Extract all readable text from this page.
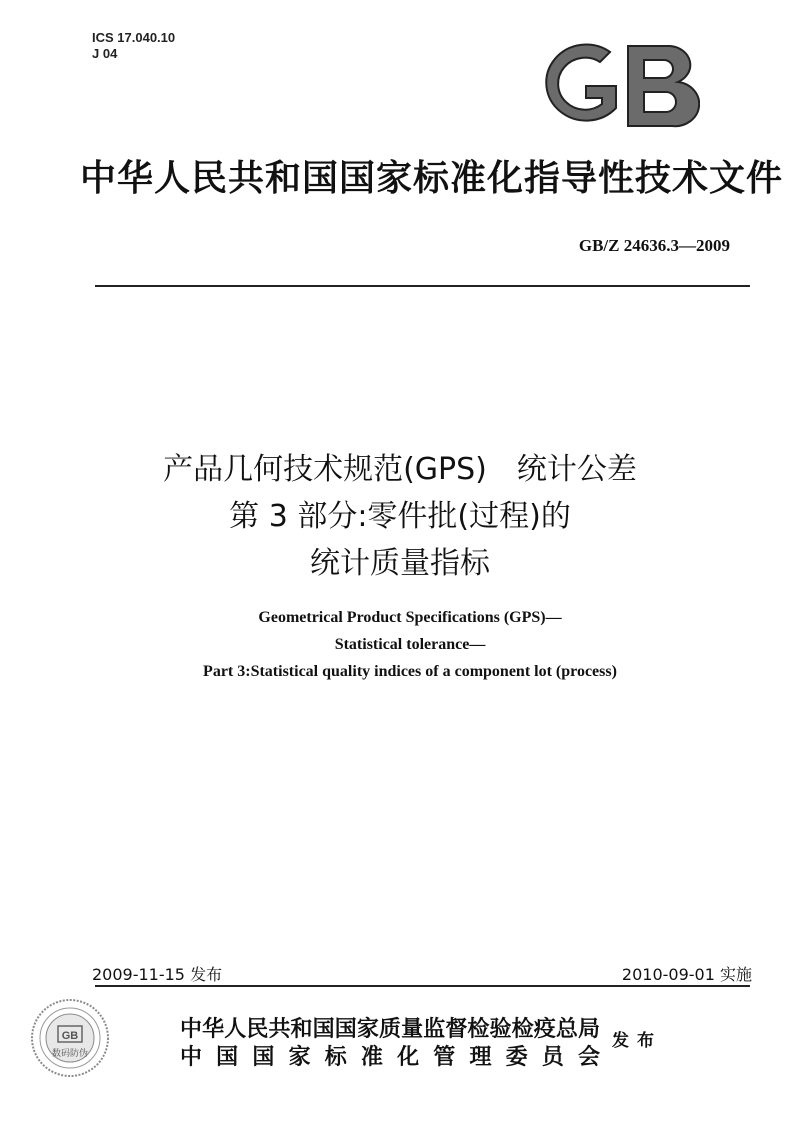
ICS 17.040.10
J 04
GB
中华人民共和国国家标准化指导性技术文件
GB/Z 24636.3—2009
产品几何技术规范(GPS)　统计公差
第 3 部分:零件批(过程)的
统计质量指标
Geometrical Product Specifications (GPS)—
Statistical tolerance—
Part 3:Statistical quality indices of a component lot (process)
2009-11-15 发布	2010-09-01 实施
GB
数码防伪
中华人民共和国国家质量监督检验检疫总局
中国国家标准化管理委员会
发布
